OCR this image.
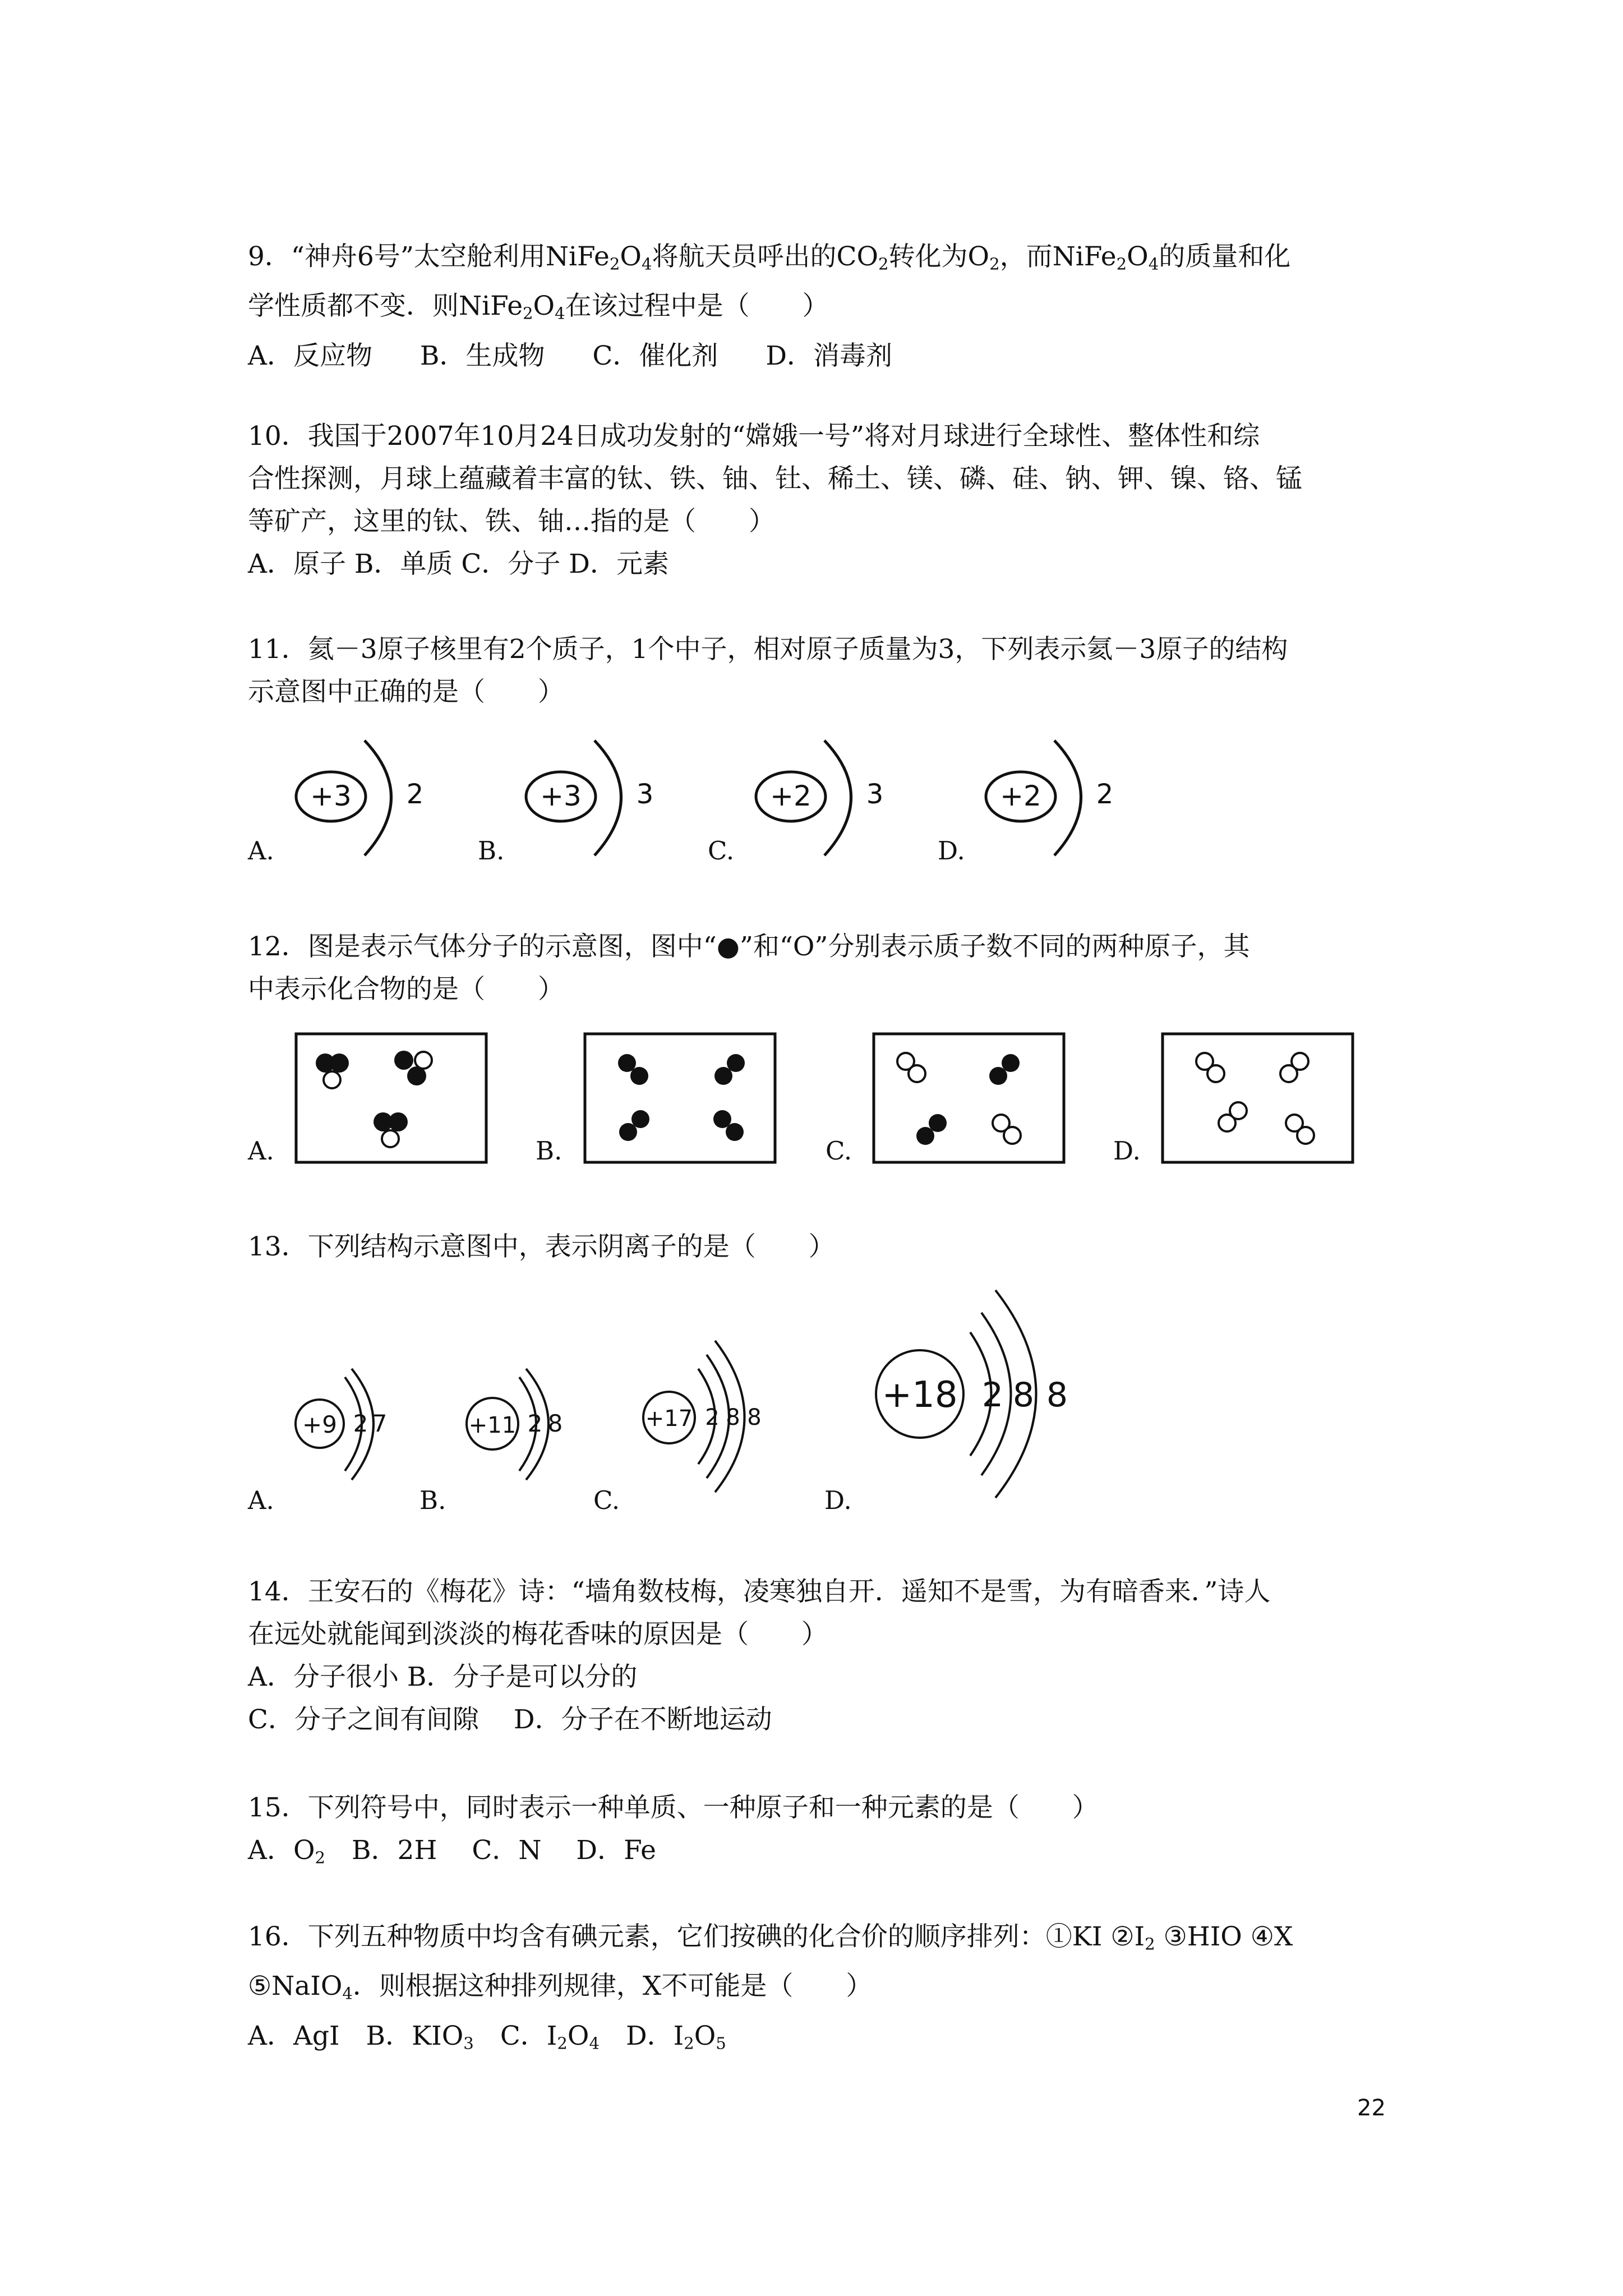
9．“神舟6号”太空舱利用$NiFe_2O_4$将航天员呼出的$CO_2$转化为$O_2$，而$NiFe_2O_4$的质量和化
学性质都不变．则$NiFe_2O_4$在该过程中是（　　）
A．反应物 B．生成物 C．催化剂 D．消毒剂
10．我国于2007年10月24日成功发射的“嫦娥一号”将对月球进行全球性、整体性和综
合性探测，月球上蕴藏着丰富的钛、铁、铀、钍、稀土、镁、磷、硅、钠、钾、镍、铬、锰
等矿产，这里的钛、铁、铀…指的是（　　）
A．原子 B．单质 C．分子 D．元素
11．氦－3原子核里有2个质子，1个中子，相对原子质量为3，下列表示氦－3原子的结构
示意图中正确的是（　　）
A.	B.	C.	D.
+3 2	+3 3	+2 3	+2 2
12．图是表示气体分子的示意图，图中“●”和“O”分别表示质子数不同的两种原子，其
中表示化合物的是（　　）
A.	B.	C.	D.
13．下列结构示意图中，表示阴离子的是（　　）
A.	B.	C.	D.
+9 2 7	+11 2 8	+17 2 8 8
+18 2 8 8
14．王安石的《梅花》诗：“墙角数枝梅，凌寒独自开．遥知不是雪，为有暗香来．”诗人
在远处就能闻到淡淡的梅花香味的原因是（　　）
A．分子很小 B．分子是可以分的
C．分子之间有间隙　 D．分子在不断地运动
15．下列符号中，同时表示一种单质、一种原子和一种元素的是（　　）
A．$O_2$　B．2H　 C．N　 D．Fe
16．下列五种物质中均含有碘元素，它们按碘的化合价的顺序排列：①KI $②I_2$ ③HIO ④X
⑤NaIO$_4$．则根据这种排列规律，X不可能是（　　）
A．AgI　B．$KIO_3$　C．$I_2O_4$　D．$I_2O_5$
22
